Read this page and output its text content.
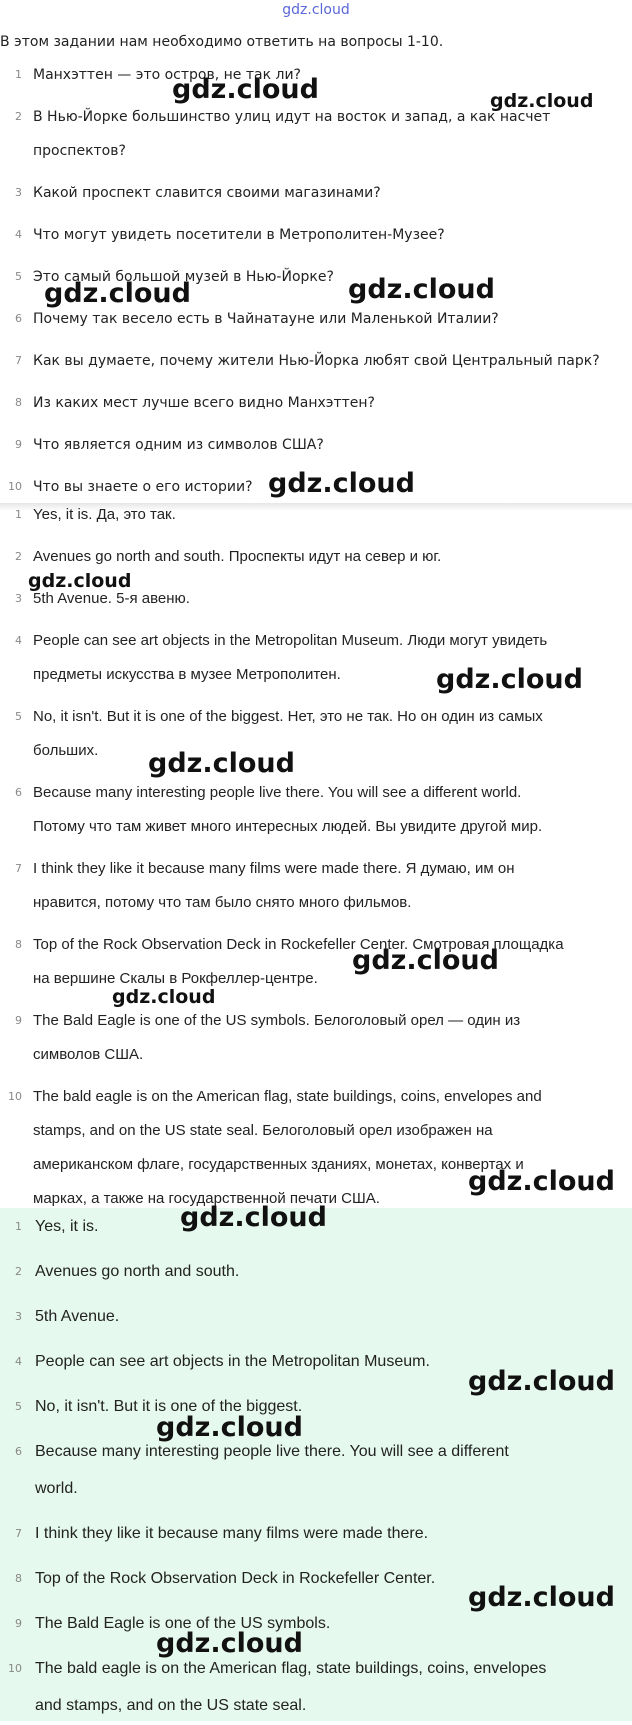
gdz.cloud
В этом задании нам необходимо ответить на вопросы 1-10.
1 Манхэттен — это остров, не так ли?
2 В Нью-Йорке большинство улиц идут на восток и запад, а как насчет
проспектов?
3 Какой проспект славится своими магазинами?
4 Что могут увидеть посетители в Метрополитен-Музее?
5 Это самый большой музей в Нью-Йорке?
6 Почему так весело есть в Чайнатауне или Маленькой Италии?
7 Как вы думаете, почему жители Нью-Йорка любят свой Центральный парк?
8 Из каких мест лучше всего видно Манхэттен?
9 Что является одним из символов США?
10 Что вы знаете о его истории?
1 Yes, it is. Да, это так.
2 Avenues go north and south. Проспекты идут на север и юг.
3 5th Avenue. 5-я авеню.
4 People can see art objects in the Metropolitan Museum. Люди могут увидеть
предметы искусства в музее Метрополитен.
5 No, it isn't. But it is one of the biggest. Нет, это не так. Но он один из самых
больших.
6 Because many interesting people live there. You will see a different world.
Потому что там живет много интересных людей. Вы увидите другой мир.
7 I think they like it because many films were made there. Я думаю, им он
нравится, потому что там было снято много фильмов.
8 Top of the Rock Observation Deck in Rockefeller Center. Смотровая площадка
на вершине Скалы в Рокфеллер-центре.
9 The Bald Eagle is one of the US symbols. Белоголовый орел — один из
символов США.
10 The bald eagle is on the American flag, state buildings, coins, envelopes and
stamps, and on the US state seal. Белоголовый орел изображен на
американском флаге, государственных зданиях, монетах, конвертах и
марках, а также на государственной печати США.
1 Yes, it is.
2 Avenues go north and south.
3 5th Avenue.
4 People can see art objects in the Metropolitan Museum.
5 No, it isn't. But it is one of the biggest.
6 Because many interesting people live there. You will see a different
world.
7 I think they like it because many films were made there.
8 Top of the Rock Observation Deck in Rockefeller Center.
9 The Bald Eagle is one of the US symbols.
10 The bald eagle is on the American flag, state buildings, coins, envelopes
and stamps, and on the US state seal.
gdz.cloud	gdz.cloud
gdz.cloud	gdz.cloud
gdz.cloud
gdz.cloud
gdz.cloud
gdz.cloud
gdz.cloud
gdz.cloud
gdz.cloud
gdz.cloud
gdz.cloud
gdz.cloud
gdz.cloud
gdz.cloud
